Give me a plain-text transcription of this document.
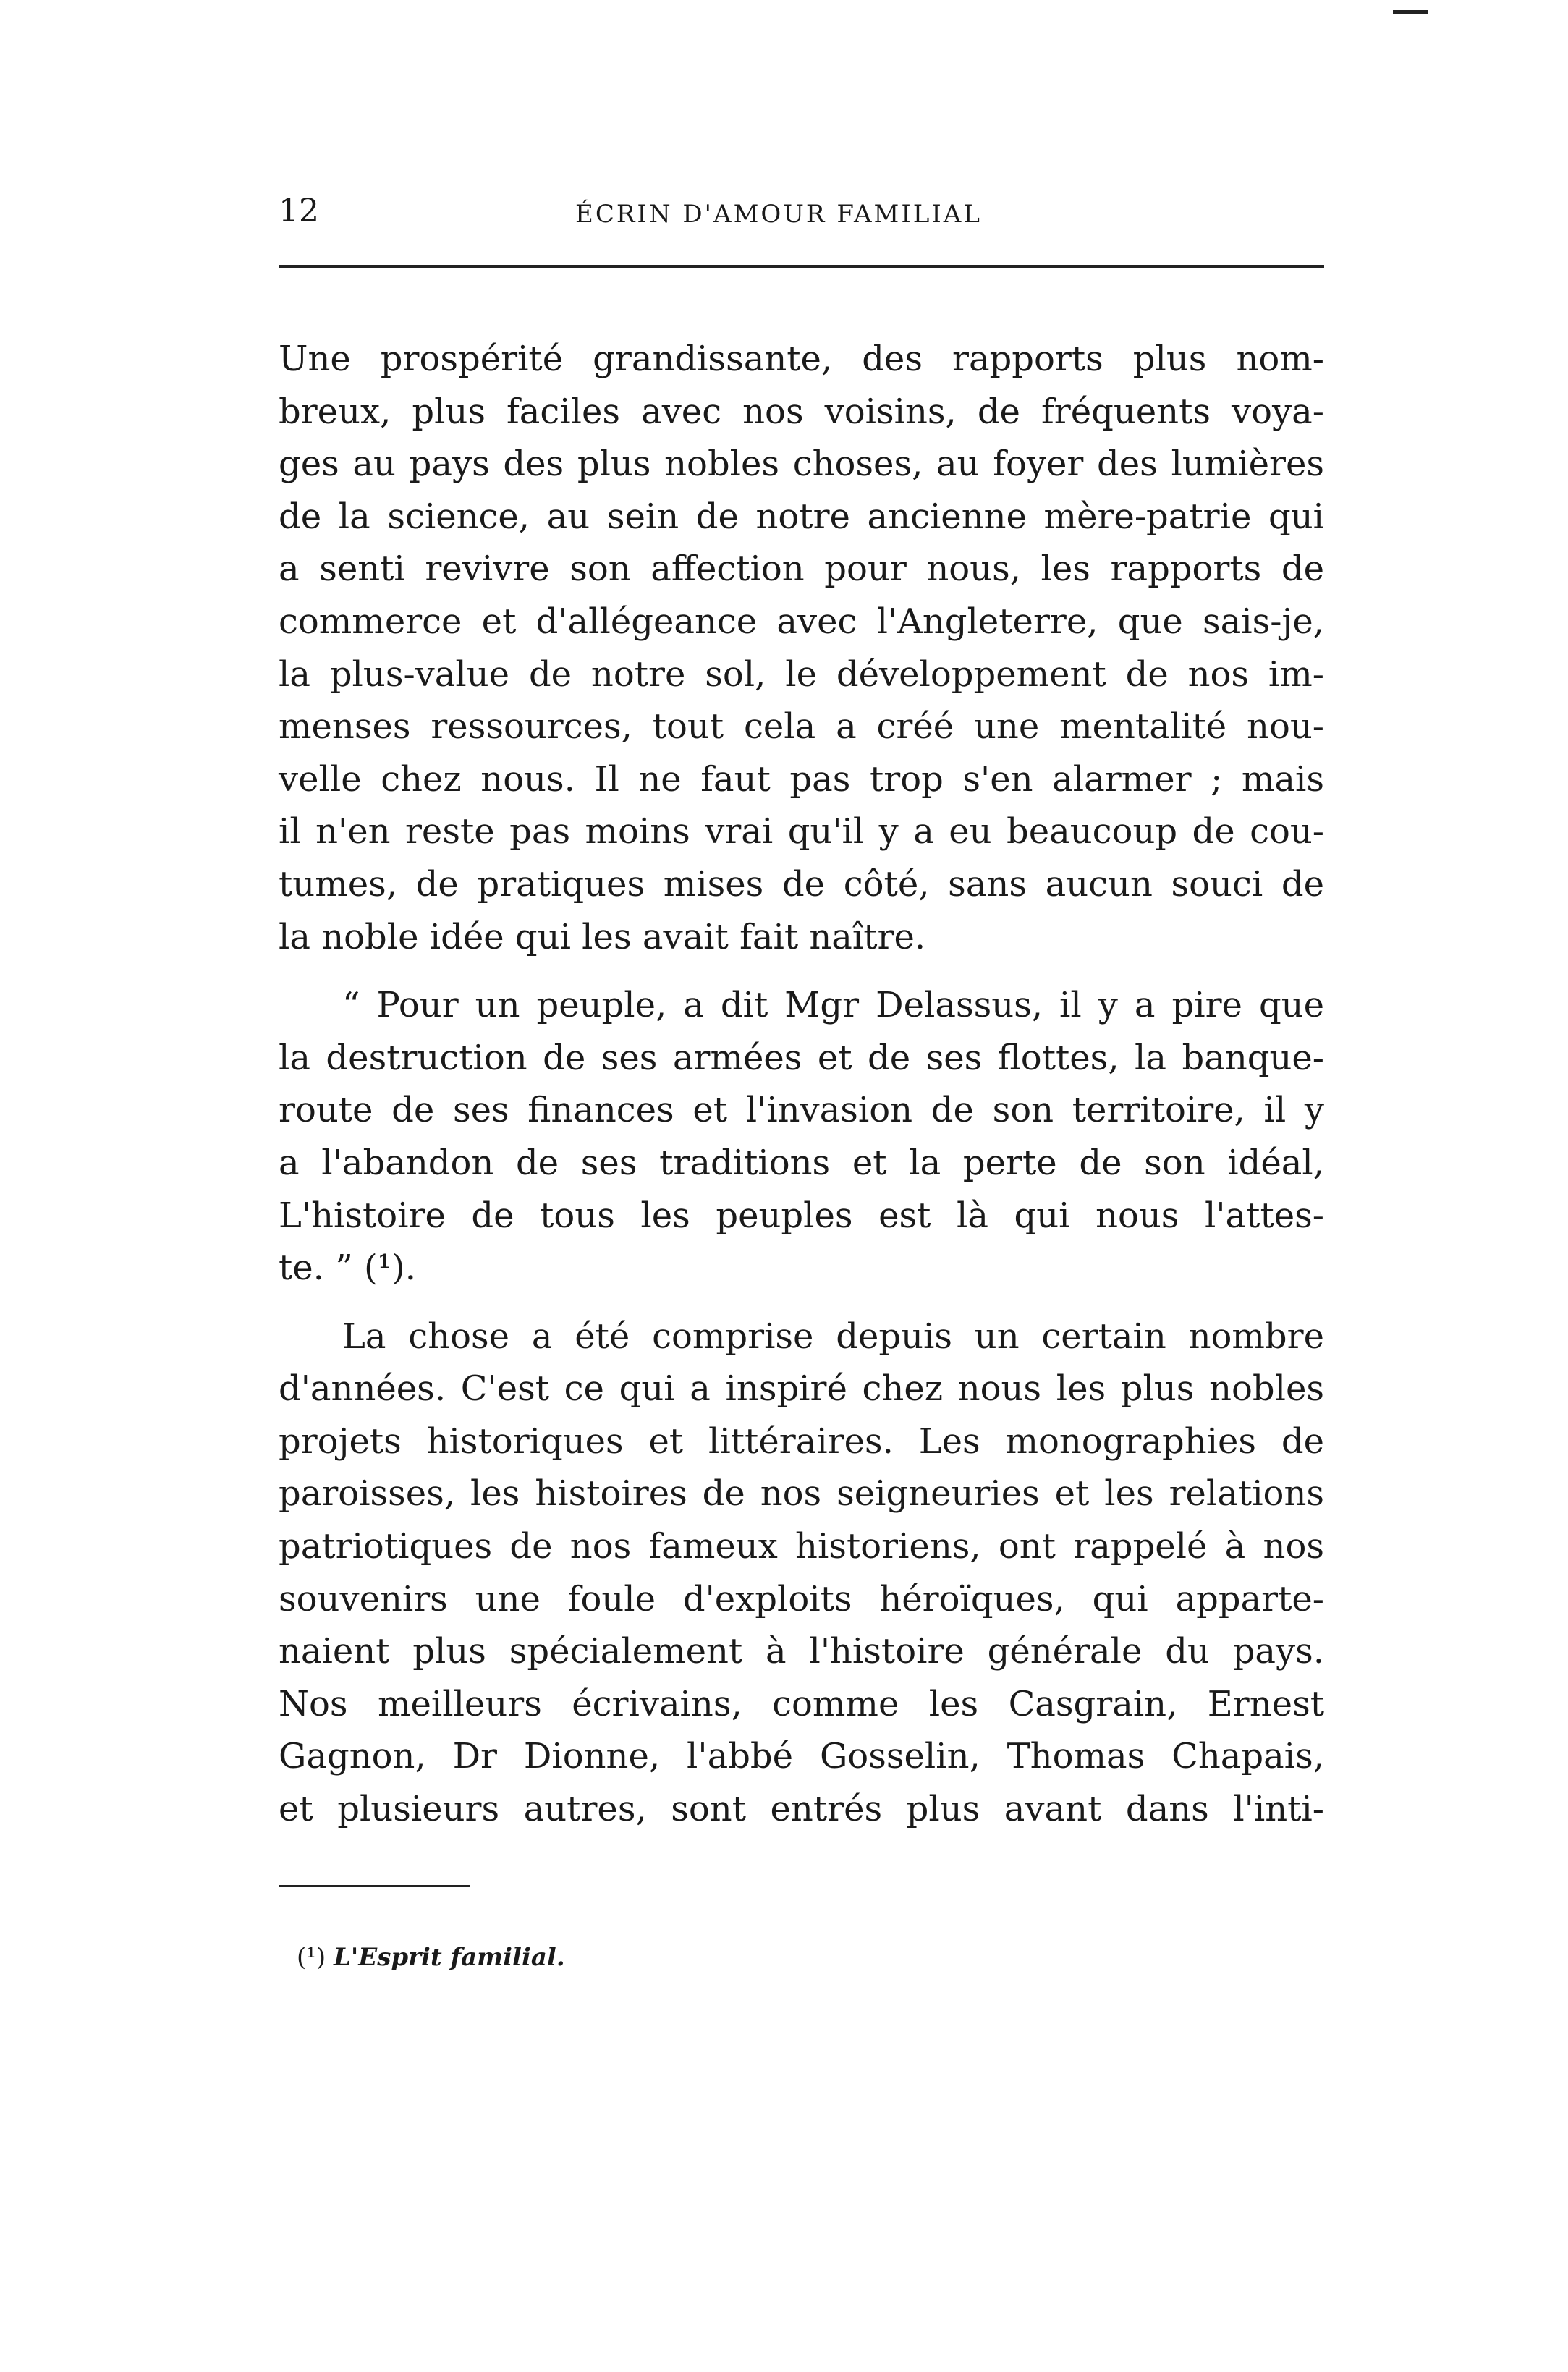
12	ÉCRIN D'AMOUR FAMILIAL
Une prospérité grandissante, des rapports plus nom-
breux, plus faciles avec nos voisins, de fréquents voya-
ges au pays des plus nobles choses, au foyer des lumières
de la science, au sein de notre ancienne mère-patrie qui
a senti revivre son affection pour nous, les rapports de
commerce et d'allégeance avec l'Angleterre, que sais-je,
la plus-value de notre sol, le développement de nos im-
menses ressources, tout cela a créé une mentalité nou-
velle chez nous. Il ne faut pas trop s'en alarmer ; mais
il n'en reste pas moins vrai qu'il y a eu beaucoup de cou-
tumes, de pratiques mises de côté, sans aucun souci de
la noble idée qui les avait fait naître.
“ Pour un peuple, a dit Mgr Delassus, il y a pire que
la destruction de ses armées et de ses flottes, la banque-
route de ses finances et l'invasion de son territoire, il y
a l'abandon de ses traditions et la perte de son idéal,
L'histoire de tous les peuples est là qui nous l'attes-
te. ” (¹).
La chose a été comprise depuis un certain nombre
d'années. C'est ce qui a inspiré chez nous les plus nobles
projets historiques et littéraires. Les monographies de
paroisses, les histoires de nos seigneuries et les relations
patriotiques de nos fameux historiens, ont rappelé à nos
souvenirs une foule d'exploits héroïques, qui apparte-
naient plus spécialement à l'histoire générale du pays.
Nos meilleurs écrivains, comme les Casgrain, Ernest
Gagnon, Dr Dionne, l'abbé Gosselin, Thomas Chapais,
et plusieurs autres, sont entrés plus avant dans l'inti-
(¹) L'Esprit familial.
